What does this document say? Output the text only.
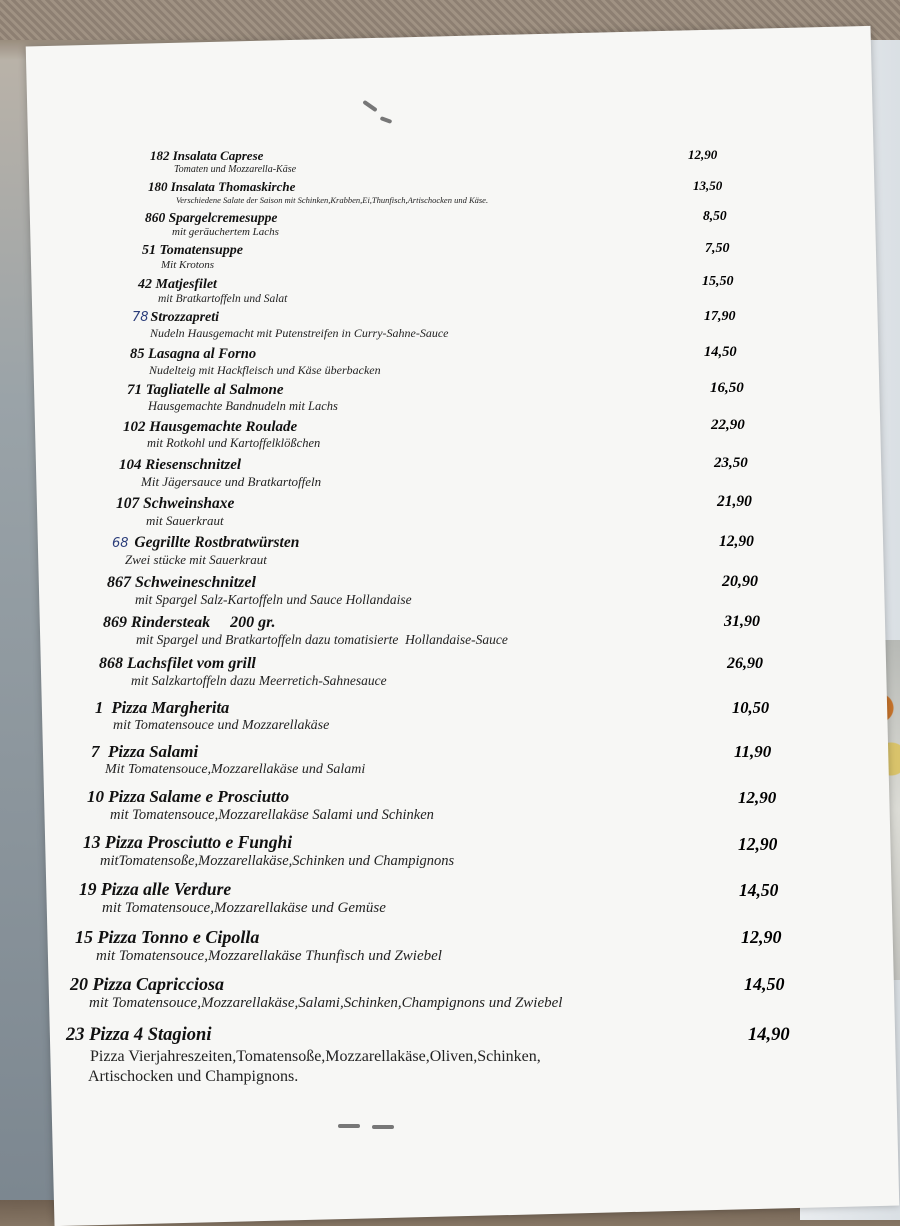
182 Insalata Caprese
Tomaten und Mozzarella-Käse
12,90
180 Insalata Thomaskirche
Verschiedene Salate der Saison mit Schinken,Krabben,Ei,Thunfisch,Artischocken und Käse.
13,50
860 Spargelcremesuppe
mit geräuchertem Lachs
8,50
51 Tomatensuppe
Mit Krotons
7,50
42 Matjesfilet
mit Bratkartoffeln und Salat
15,50
78 Strozzapreti
Nudeln Hausgemacht mit Putenstreifen in Curry-Sahne-Sauce
17,90
85 Lasagna al Forno
Nudelteig mit Hackfleisch und Käse überbacken
14,50
71 Tagliatelle al Salmone
Hausgemachte Bandnudeln mit Lachs
16,50
102 Hausgemachte Roulade
mit Rotkohl und Kartoffelklößchen
22,90
104 Riesenschnitzel
Mit Jägersauce und Bratkartoffeln
23,50
107 Schweinshaxe
mit Sauerkraut
21,90
68 Gegrillte Rostbratwürsten
Zwei stücke mit Sauerkraut
12,90
867 Schweineschnitzel
mit Spargel Salz-Kartoffeln und Sauce Hollandaise
20,90
869 Rindersteak     200 gr.
mit Spargel und Bratkartoffeln dazu tomatisierte  Hollandaise-Sauce
31,90
868 Lachsfilet vom grill
mit Salzkartoffeln dazu Meerretich-Sahnesauce
26,90
1  Pizza Margherita
mit Tomatensouce und Mozzarellakäse
10,50
7  Pizza Salami
Mit Tomatensouce,Mozzarellakäse und Salami
11,90
10 Pizza Salame e Prosciutto
mit Tomatensouce,Mozzarellakäse Salami und Schinken
12,90
13 Pizza Prosciutto e Funghi
mitTomatensoße,Mozzarellakäse,Schinken und Champignons
12,90
19 Pizza alle Verdure
mit Tomatensouce,Mozzarellakäse und Gemüse
14,50
15 Pizza Tonno e Cipolla
mit Tomatensouce,Mozzarellakäse Thunfisch und Zwiebel
12,90
20 Pizza Capricciosa
mit Tomatensouce,Mozzarellakäse,Salami,Schinken,Champignons und Zwiebel
14,50
23 Pizza 4 Stagioni
Pizza Vierjahreszeiten,Tomatensoße,Mozzarellakäse,Oliven,Schinken,
Artischocken und Champignons.
14,90
